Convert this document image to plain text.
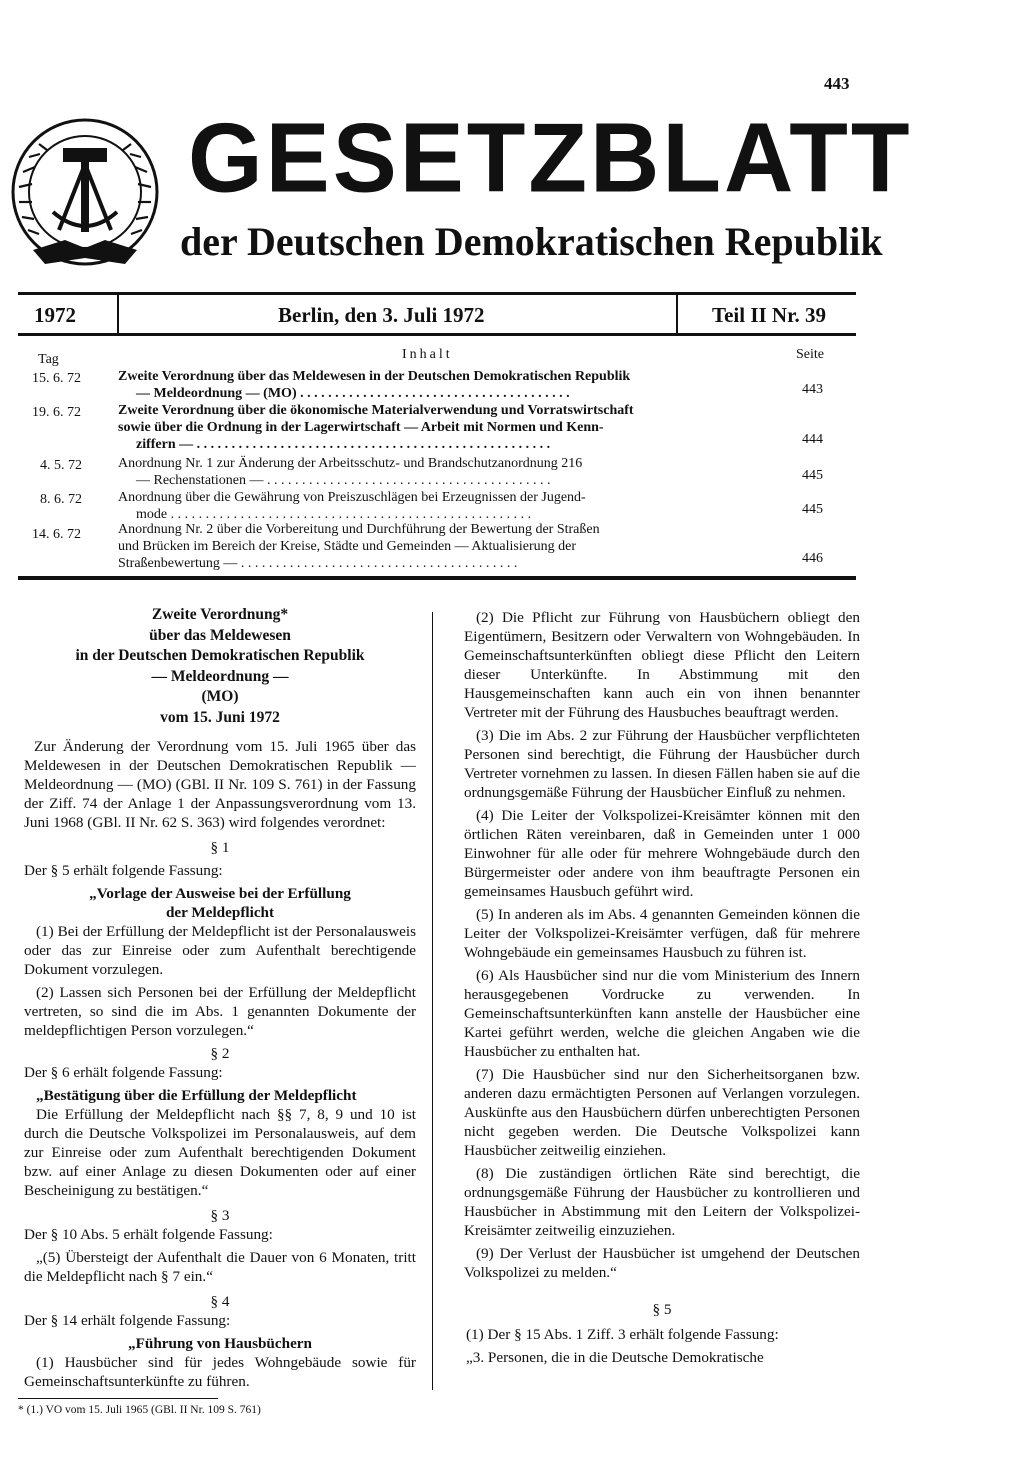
443
GESETZBLATT
der Deutschen Demokratischen Republik
1972	Berlin, den 3. Juli 1972	Teil II Nr. 39
Tag	Inhalt	Seite
15. 6. 72	Zweite Verordnung über das Meldewesen in der Deutschen Demokratischen Republik
— Meldeordnung — (MO) . . . . . . . . . . . . . . . . . . . . . . . . . . . . . . . . . . . . . . .	443
19. 6. 72	Zweite Verordnung über die ökonomische Materialverwendung und Vorratswirtschaft
sowie über die Ordnung in der Lagerwirtschaft — Arbeit mit Normen und Kenn-
ziffern — . . . . . . . . . . . . . . . . . . . . . . . . . . . . . . . . . . . . . . . . . . . . . . . . . . .	444
4. 5. 72	Anordnung Nr. 1 zur Änderung der Arbeitsschutz- und Brandschutzanordnung 216
— Rechenstationen — . . . . . . . . . . . . . . . . . . . . . . . . . . . . . . . . . . . . . . . . .	445
8. 6. 72	Anordnung über die Gewährung von Preiszuschlägen bei Erzeugnissen der Jugend-
mode . . . . . . . . . . . . . . . . . . . . . . . . . . . . . . . . . . . . . . . . . . . . . . . . . . . .	445
14. 6. 72	Anordnung Nr. 2 über die Vorbereitung und Durchführung der Bewertung der Straßen
und Brücken im Bereich der Kreise, Städte und Gemeinden — Aktualisierung der
Straßenbewertung — . . . . . . . . . . . . . . . . . . . . . . . . . . . . . . . . . . . . . . . .	446
Zweite Verordnung*
über das Meldewesen
in der Deutschen Demokratischen Republik
— Meldeordnung —
(MO)
vom 15. Juni 1972

Zur Änderung der Verordnung vom 15. Juli 1965 über das Meldewesen in der Deutschen Demokratischen Republik — Meldeordnung — (MO) (GBl. II Nr. 109 S. 761) in der Fassung der Ziff. 74 der Anlage 1 der Anpassungsverordnung vom 13. Juni 1968 (GBl. II Nr. 62 S. 363) wird folgendes verordnet:

§ 1

Der § 5 erhält folgende Fassung:

„Vorlage der Ausweise bei der Erfüllung
der Meldepflicht

(1) Bei der Erfüllung der Meldepflicht ist der Personalausweis oder das zur Einreise oder zum Aufenthalt berechtigende Dokument vorzulegen.

(2) Lassen sich Personen bei der Erfüllung der Meldepflicht vertreten, so sind die im Abs. 1 genannten Dokumente der meldepflichtigen Person vorzulegen.“

§ 2

Der § 6 erhält folgende Fassung:

„Bestätigung über die Erfüllung der Meldepflicht

Die Erfüllung der Meldepflicht nach §§ 7, 8, 9 und 10 ist durch die Deutsche Volkspolizei im Personalausweis, auf dem zur Einreise oder zum Aufenthalt berechtigenden Dokument bzw. auf einer Anlage zu diesen Dokumenten oder auf einer Bescheinigung zu bestätigen.“

§ 3

Der § 10 Abs. 5 erhält folgende Fassung:

„(5) Übersteigt der Aufenthalt die Dauer von 6 Monaten, tritt die Meldepflicht nach § 7 ein.“

§ 4

Der § 14 erhält folgende Fassung:

„Führung von Hausbüchern

(1) Hausbücher sind für jedes Wohngebäude sowie für Gemeinschaftsunterkünfte zu führen.

* (1.) VO vom 15. Juli 1965 (GBl. II Nr. 109 S. 761)

(2) Die Pflicht zur Führung von Hausbüchern obliegt den Eigentümern, Besitzern oder Verwaltern von Wohngebäuden. In Gemeinschaftsunterkünften obliegt diese Pflicht den Leitern dieser Unterkünfte. In Abstimmung mit den Hausgemeinschaften kann auch ein von ihnen benannter Vertreter mit der Führung des Hausbuches beauftragt werden.

(3) Die im Abs. 2 zur Führung der Hausbücher verpflichteten Personen sind berechtigt, die Führung der Hausbücher durch Vertreter vornehmen zu lassen. In diesen Fällen haben sie auf die ordnungsgemäße Führung der Hausbücher Einfluß zu nehmen.

(4) Die Leiter der Volkspolizei-Kreisämter können mit den örtlichen Räten vereinbaren, daß in Gemeinden unter 1 000 Einwohner für alle oder für mehrere Wohngebäude durch den Bürgermeister oder andere von ihm beauftragte Personen ein gemeinsames Hausbuch geführt wird.

(5) In anderen als im Abs. 4 genannten Gemeinden können die Leiter der Volkspolizei-Kreisämter verfügen, daß für mehrere Wohngebäude ein gemeinsames Hausbuch zu führen ist.

(6) Als Hausbücher sind nur die vom Ministerium des Innern herausgegebenen Vordrucke zu verwenden. In Gemeinschaftsunterkünften kann anstelle der Hausbücher eine Kartei geführt werden, welche die gleichen Angaben wie die Hausbücher zu enthalten hat.

(7) Die Hausbücher sind nur den Sicherheitsorganen bzw. anderen dazu ermächtigten Personen auf Verlangen vorzulegen. Auskünfte aus den Hausbüchern dürfen unberechtigten Personen nicht gegeben werden. Die Deutsche Volkspolizei kann Hausbücher zeitweilig einziehen.

(8) Die zuständigen örtlichen Räte sind berechtigt, die ordnungsgemäße Führung der Hausbücher zu kontrollieren und Hausbücher in Abstimmung mit den Leitern der Volkspolizei-Kreisämter zeitweilig einzuziehen.

(9) Der Verlust der Hausbücher ist umgehend der Deutschen Volkspolizei zu melden.“

§ 5

(1) Der § 15 Abs. 1 Ziff. 3 erhält folgende Fassung:

„3. Personen, die in die Deutsche Demokratische
